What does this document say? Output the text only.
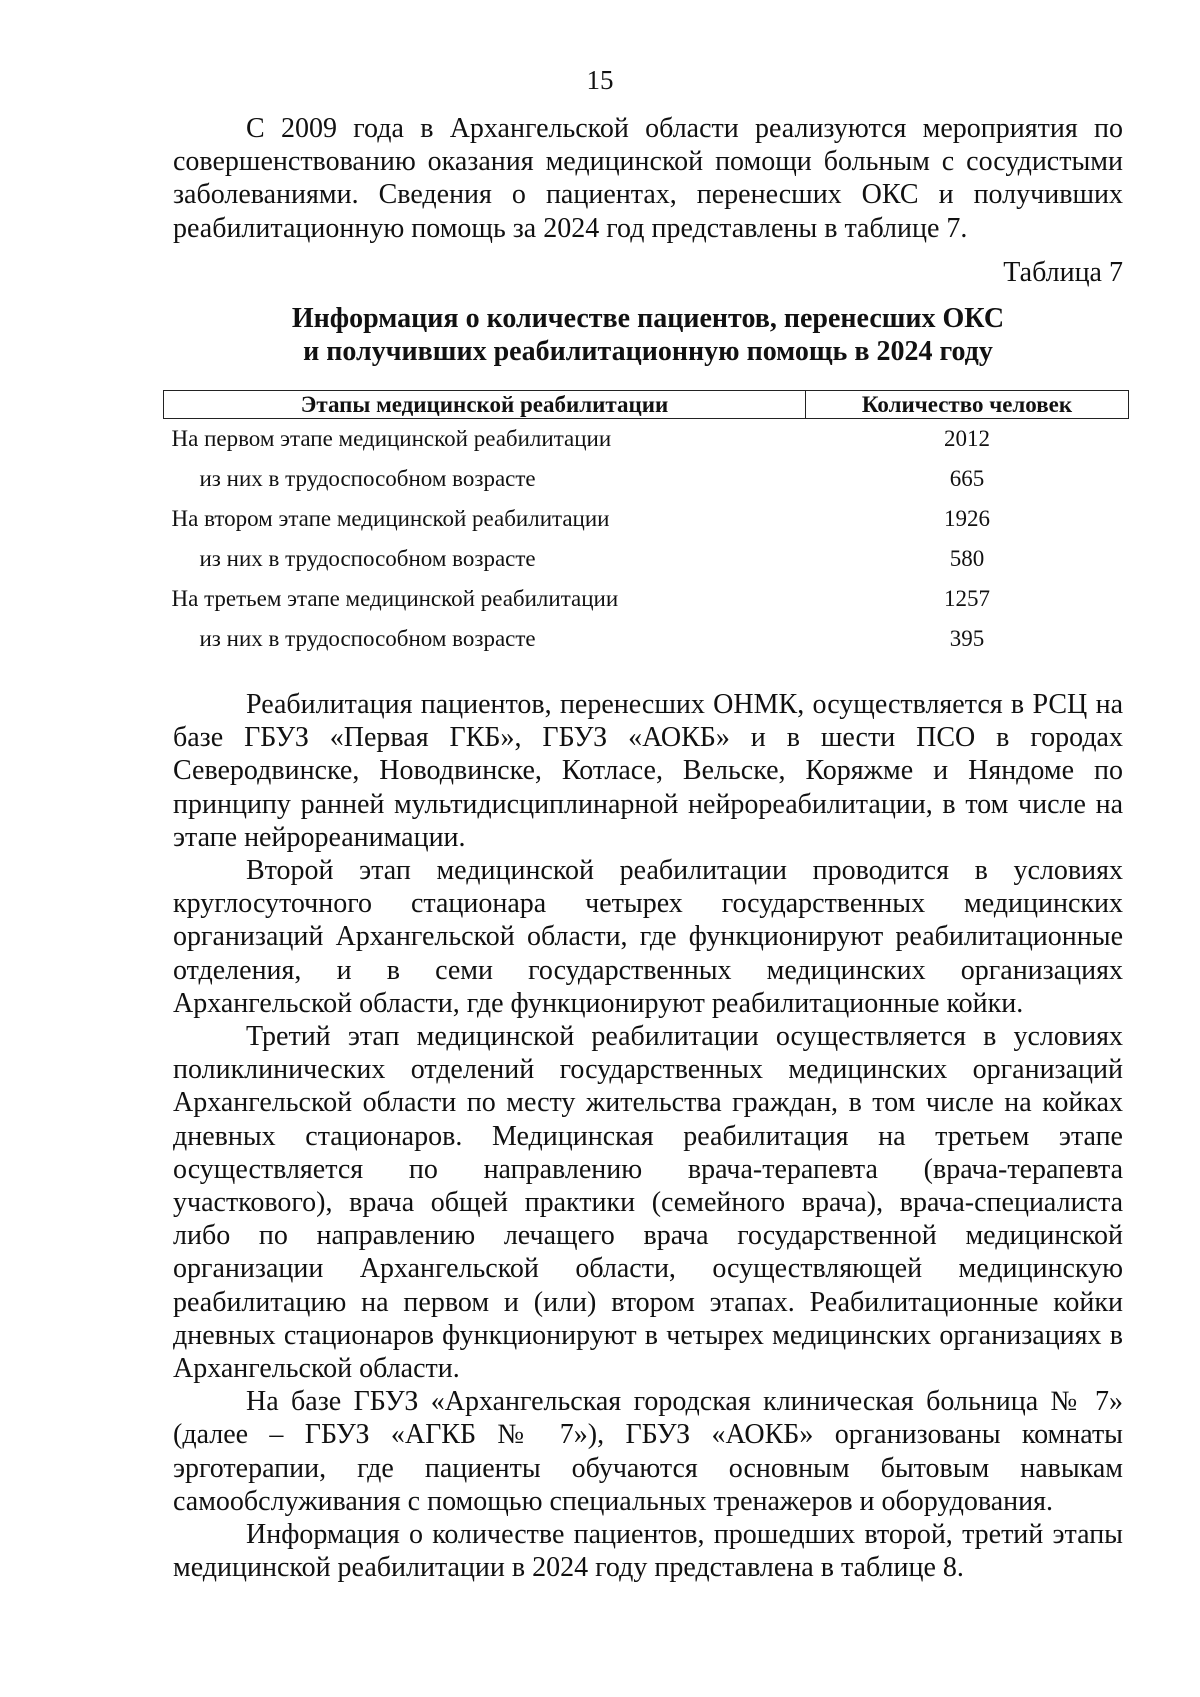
15

С 2009 года в Архангельской области реализуются мероприятия по совершенствованию оказания медицинской помощи больным с сосудистыми заболеваниями. Сведения о пациентах, перенесших ОКС и получивших реабилитационную помощь за 2024 год представлены в таблице 7.

Таблица 7
Информация о количестве пациентов, перенесших ОКС
и получивших реабилитационную помощь в 2024 году
Этапы медицинской реабилитации	Количество человек
На первом этапе медицинской реабилитации	2012
из них в трудоспособном возрасте	665
На втором этапе медицинской реабилитации	1926
из них в трудоспособном возрасте	580
На третьем этапе медицинской реабилитации	1257
из них в трудоспособном возрасте	395

Реабилитация пациентов, перенесших ОНМК, осуществляется в РСЦ на базе ГБУЗ «Первая ГКБ», ГБУЗ «АОКБ» и в шести ПСО в городах Северодвинске, Новодвинске, Котласе, Вельске, Коряжме и Няндоме по принципу ранней мультидисциплинарной нейрореабилитации, в том числе на этапе нейрореанимации.

Второй этап медицинской реабилитации проводится в условиях круглосуточного стационара четырех государственных медицинских организаций Архангельской области, где функционируют реабилитационные отделения, и в семи государственных медицинских организациях Архангельской области, где функционируют реабилитационные койки.

Третий этап медицинской реабилитации осуществляется в условиях поликлинических отделений государственных медицинских организаций Архангельской области по месту жительства граждан, в том числе на койках дневных стационаров. Медицинская реабилитация на третьем этапе осуществляется по направлению врача-терапевта (врача-терапевта участкового), врача общей практики (семейного врача), врача-специалиста либо по направлению лечащего врача государственной медицинской организации Архангельской области, осуществляющей медицинскую реабилитацию на первом и (или) втором этапах. Реабилитационные койки дневных стационаров функционируют в четырех медицинских организациях в Архангельской области.

На базе ГБУЗ «Архангельская городская клиническая больница № 7» (далее – ГБУЗ «АГКБ № 7»), ГБУЗ «АОКБ» организованы комнаты эрготерапии, где пациенты обучаются основным бытовым навыкам самообслуживания с помощью специальных тренажеров и оборудования.

Информация о количестве пациентов, прошедших второй, третий этапы медицинской реабилитации в 2024 году представлена в таблице 8.
